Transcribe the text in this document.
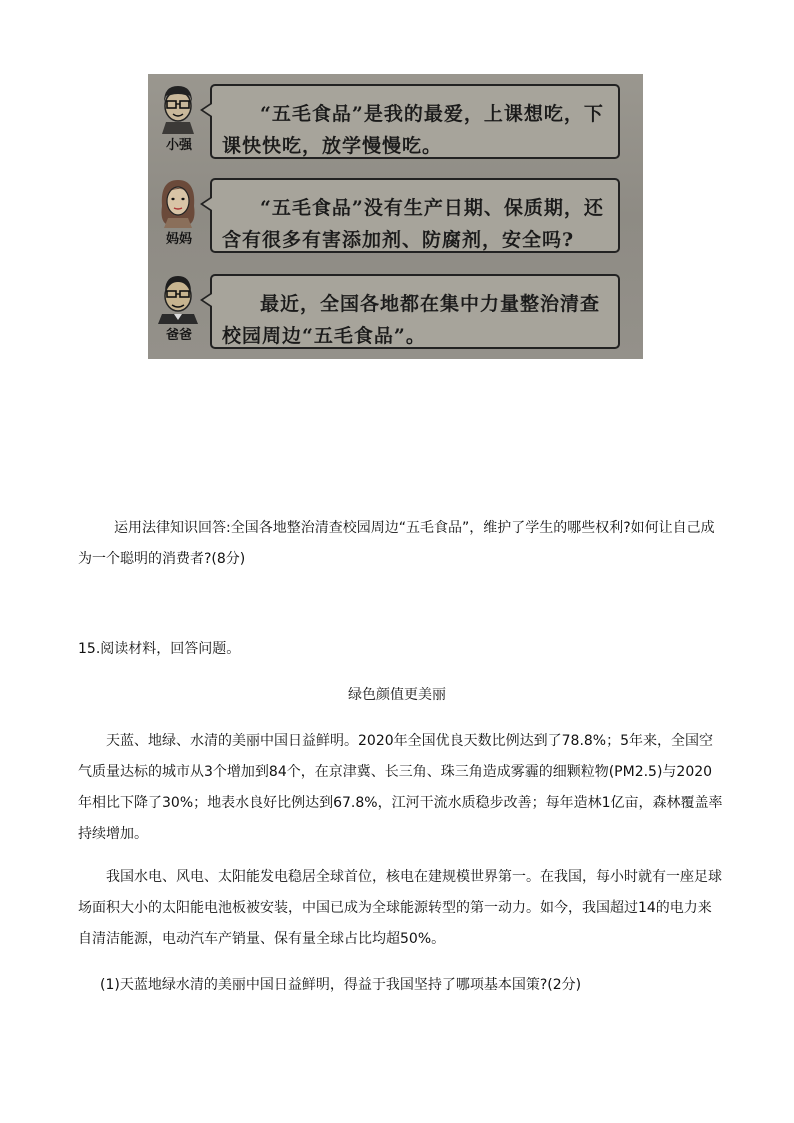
小强
“五毛食品”是我的最爱，上课想吃，下课快快吃，放学慢慢吃。
妈妈
“五毛食品”没有生产日期、保质期，还含有很多有害添加剂、防腐剂，安全吗?
爸爸
最近，全国各地都在集中力量整治清查校园周边“五毛食品”。
运用法律知识回答:全国各地整治清查校园周边“五毛食品”，维护了学生的哪些权利?如何让自己成为一个聪明的消费者?(8分)
15.阅读材料，回答问题。
绿色颜值更美丽
天蓝、地绿、水清的美丽中国日益鲜明。2020年全国优良天数比例达到了78.8%；5年来，全国空气质量达标的城市从3个增加到84个，在京津冀、长三角、珠三角造成雾霾的细颗粒物(PM2.5)与2020年相比下降了30%；地表水良好比例达到67.8%，江河干流水质稳步改善；每年造林1亿亩，森林覆盖率持续增加。
我国水电、风电、太阳能发电稳居全球首位，核电在建规模世界第一。在我国，每小时就有一座足球场面积大小的太阳能电池板被安装，中国已成为全球能源转型的第一动力。如今，我国超过14的电力来自清洁能源，电动汽车产销量、保有量全球占比均超50%。
(1)天蓝地绿水清的美丽中国日益鲜明，得益于我国坚持了哪项基本国策?(2分)
